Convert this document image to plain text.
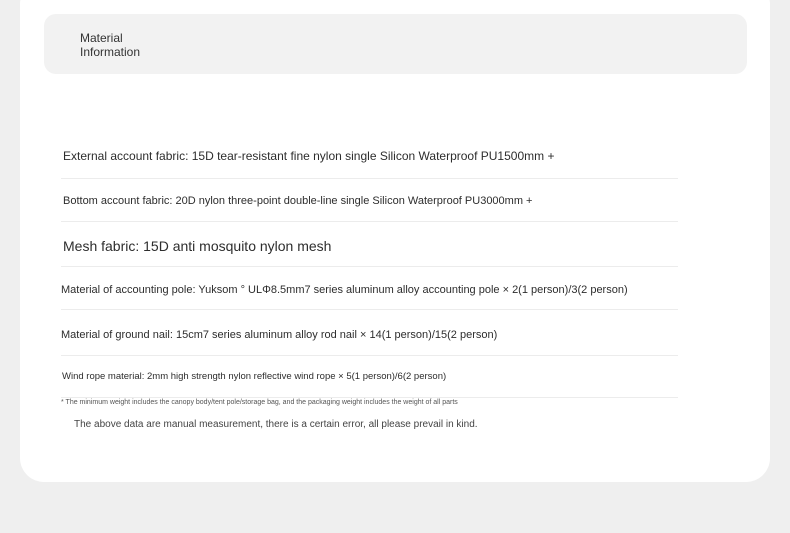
Material
Information
External account fabric: 15D tear-resistant fine nylon single Silicon Waterproof PU1500mm +
Bottom account fabric: 20D nylon three-point double-line single Silicon Waterproof PU3000mm +
Mesh fabric: 15D anti mosquito nylon mesh
Material of accounting pole: Yuksom ° ULΦ8.5mm7 series aluminum alloy accounting pole × 2(1 person)/3(2 person)
Material of ground nail: 15cm7 series aluminum alloy rod nail × 14(1 person)/15(2 person)
Wind rope material: 2mm high strength nylon reflective wind rope × 5(1 person)/6(2 person)
* The minimum weight includes the canopy body/tent pole/storage bag, and the packaging weight includes the weight of all parts
The above data are manual measurement, there is a certain error, all please prevail in kind.
